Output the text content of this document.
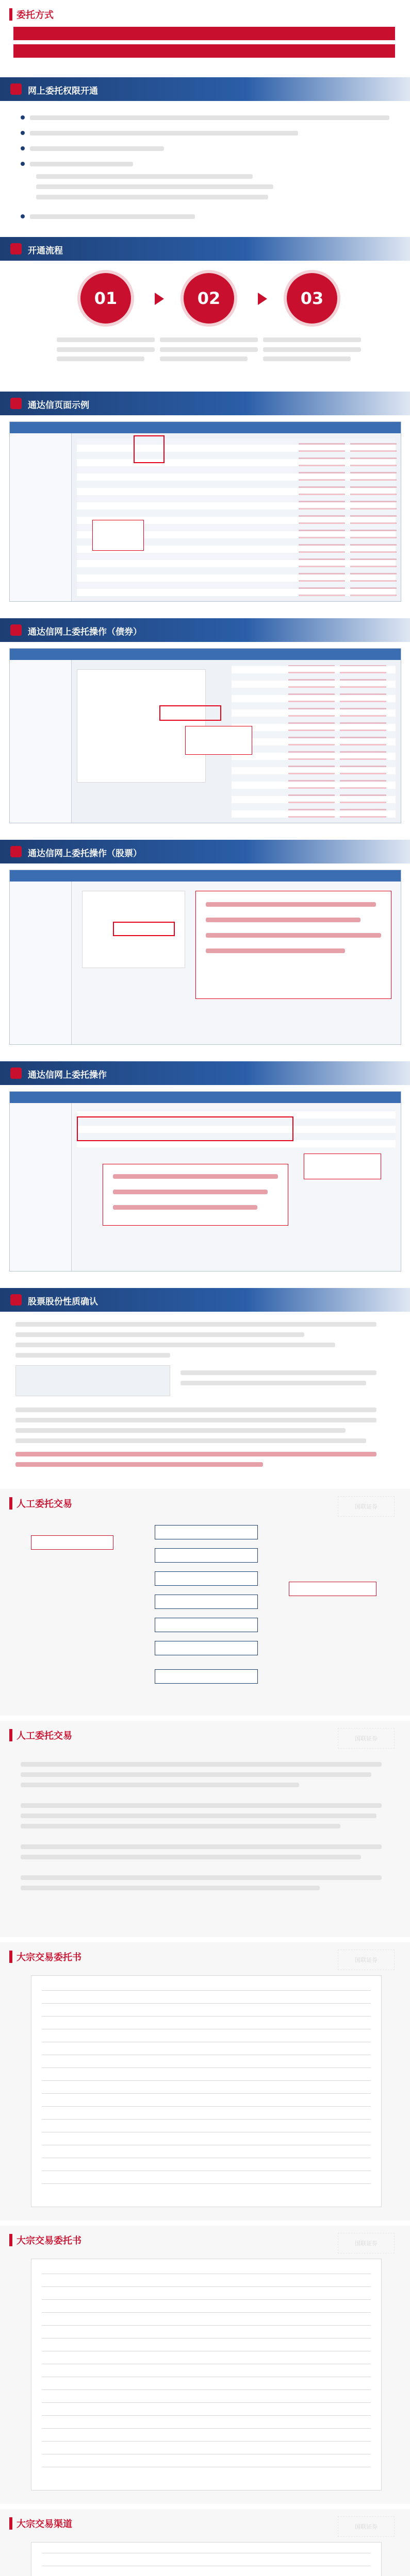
委托方式
网上委托权限开通
开通流程
01	02	03
通达信页面示例
通达信网上委托操作（债券）
通达信网上委托操作（股票）
通达信网上委托操作
股票股份性质确认
人工委托交易	国联证券
人工委托交易	国联证券
大宗交易委托书	国联证券
大宗交易委托书	国联证券
大宗交易渠道	国联证券
